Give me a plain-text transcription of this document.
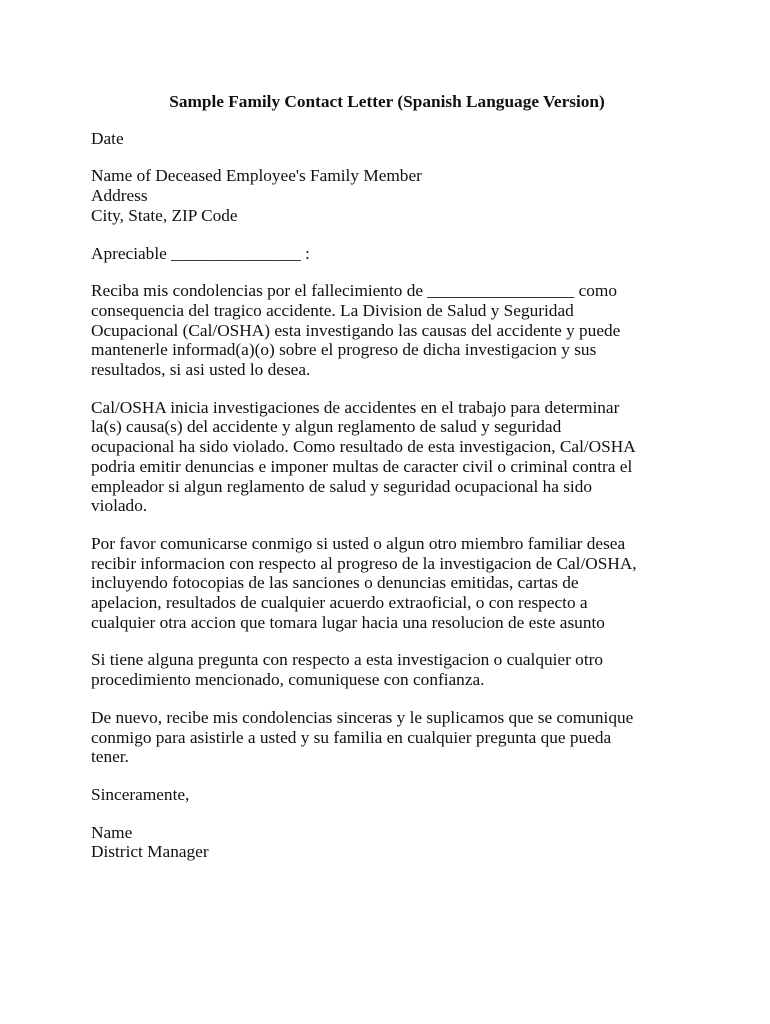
Sample Family Contact Letter (Spanish Language Version)
Date
Name of Deceased Employee's Family Member
Address
City, State, ZIP Code
Apreciable _______________ :
Reciba mis condolencias por el fallecimiento de _________________ como
consequencia del tragico accidente. La Division de Salud y Seguridad
Ocupacional (Cal/OSHA) esta investigando las causas del accidente y puede
mantenerle informad(a)(o) sobre el progreso de dicha investigacion y sus
resultados, si asi usted lo desea.
Cal/OSHA inicia investigaciones de accidentes en el trabajo para determinar
la(s) causa(s) del accidente y algun reglamento de salud y seguridad
ocupacional ha sido violado. Como resultado de esta investigacion, Cal/OSHA
podria emitir denuncias e imponer multas de caracter civil o criminal contra el
empleador si algun reglamento de salud y seguridad ocupacional ha sido
violado.
Por favor comunicarse conmigo si usted o algun otro miembro familiar desea
recibir informacion con respecto al progreso de la investigacion de Cal/OSHA,
incluyendo fotocopias de las sanciones o denuncias emitidas, cartas de
apelacion, resultados de cualquier acuerdo extraoficial, o con respecto a
cualquier otra accion que tomara lugar hacia una resolucion de este asunto
Si tiene alguna pregunta con respecto a esta investigacion o cualquier otro
procedimiento mencionado, comuniquese con confianza.
De nuevo, recibe mis condolencias sinceras y le suplicamos que se comunique
conmigo para asistirle a usted y su familia en cualquier pregunta que pueda
tener.
Sinceramente,
Name
District Manager
